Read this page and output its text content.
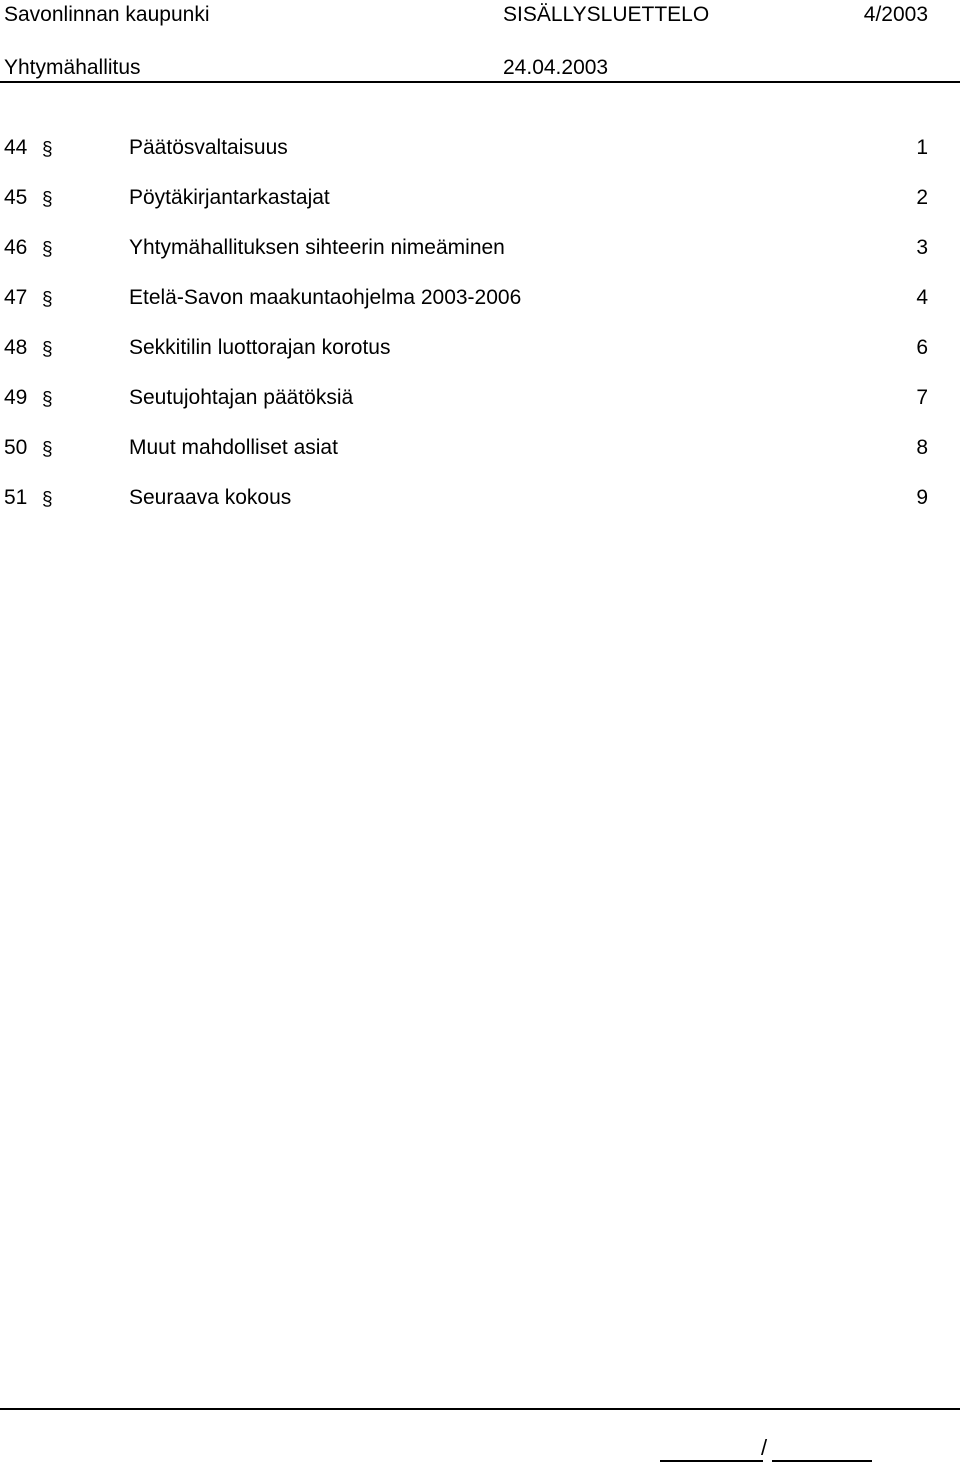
Savonlinnan kaupunki	SISÄLLYSLUETTELO	4/2003
Yhtymähallitus	24.04.2003
44 §	Päätösvaltaisuus	1
45 §	Pöytäkirjantarkastajat	2
46 §	Yhtymähallituksen sihteerin nimeäminen	3
47 §	Etelä-Savon maakuntaohjelma 2003-2006	4
48 §	Sekkitilin luottorajan korotus	6
49 §	Seutujohtajan päätöksiä	7
50 §	Muut mahdolliset asiat	8
51 §	Seuraava kokous	9
/
